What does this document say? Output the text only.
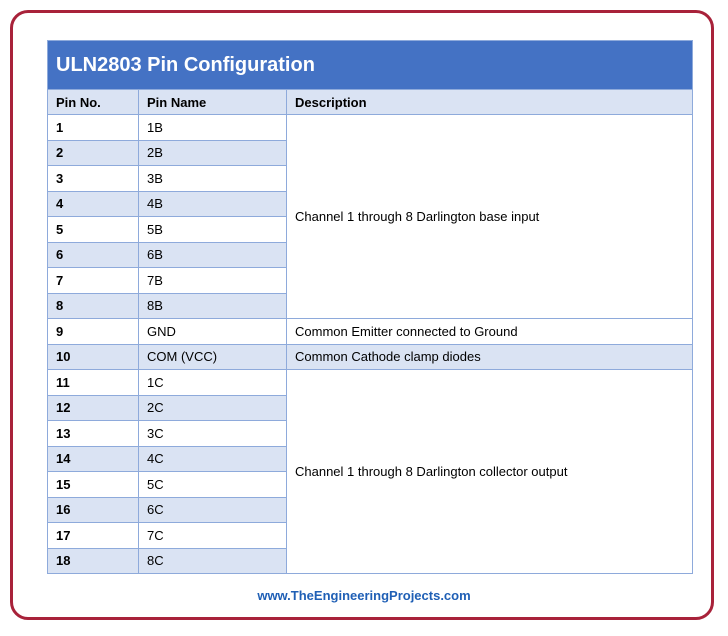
ULN2803 Pin Configuration		
Pin No.	Pin Name	Description
1	1B	Channel 1 through 8 Darlington base input
2	2B	
3	3B	
4	4B	
5	5B	
6	6B	
7	7B	
8	8B	
9	GND	Common Emitter connected to Ground
10	COM (VCC)	Common Cathode clamp diodes
11	1C	Channel 1 through 8 Darlington collector output
12	2C	
13	3C	
14	4C	
15	5C	
16	6C	
17	7C	
18	8C	
www.TheEngineeringProjects.com
